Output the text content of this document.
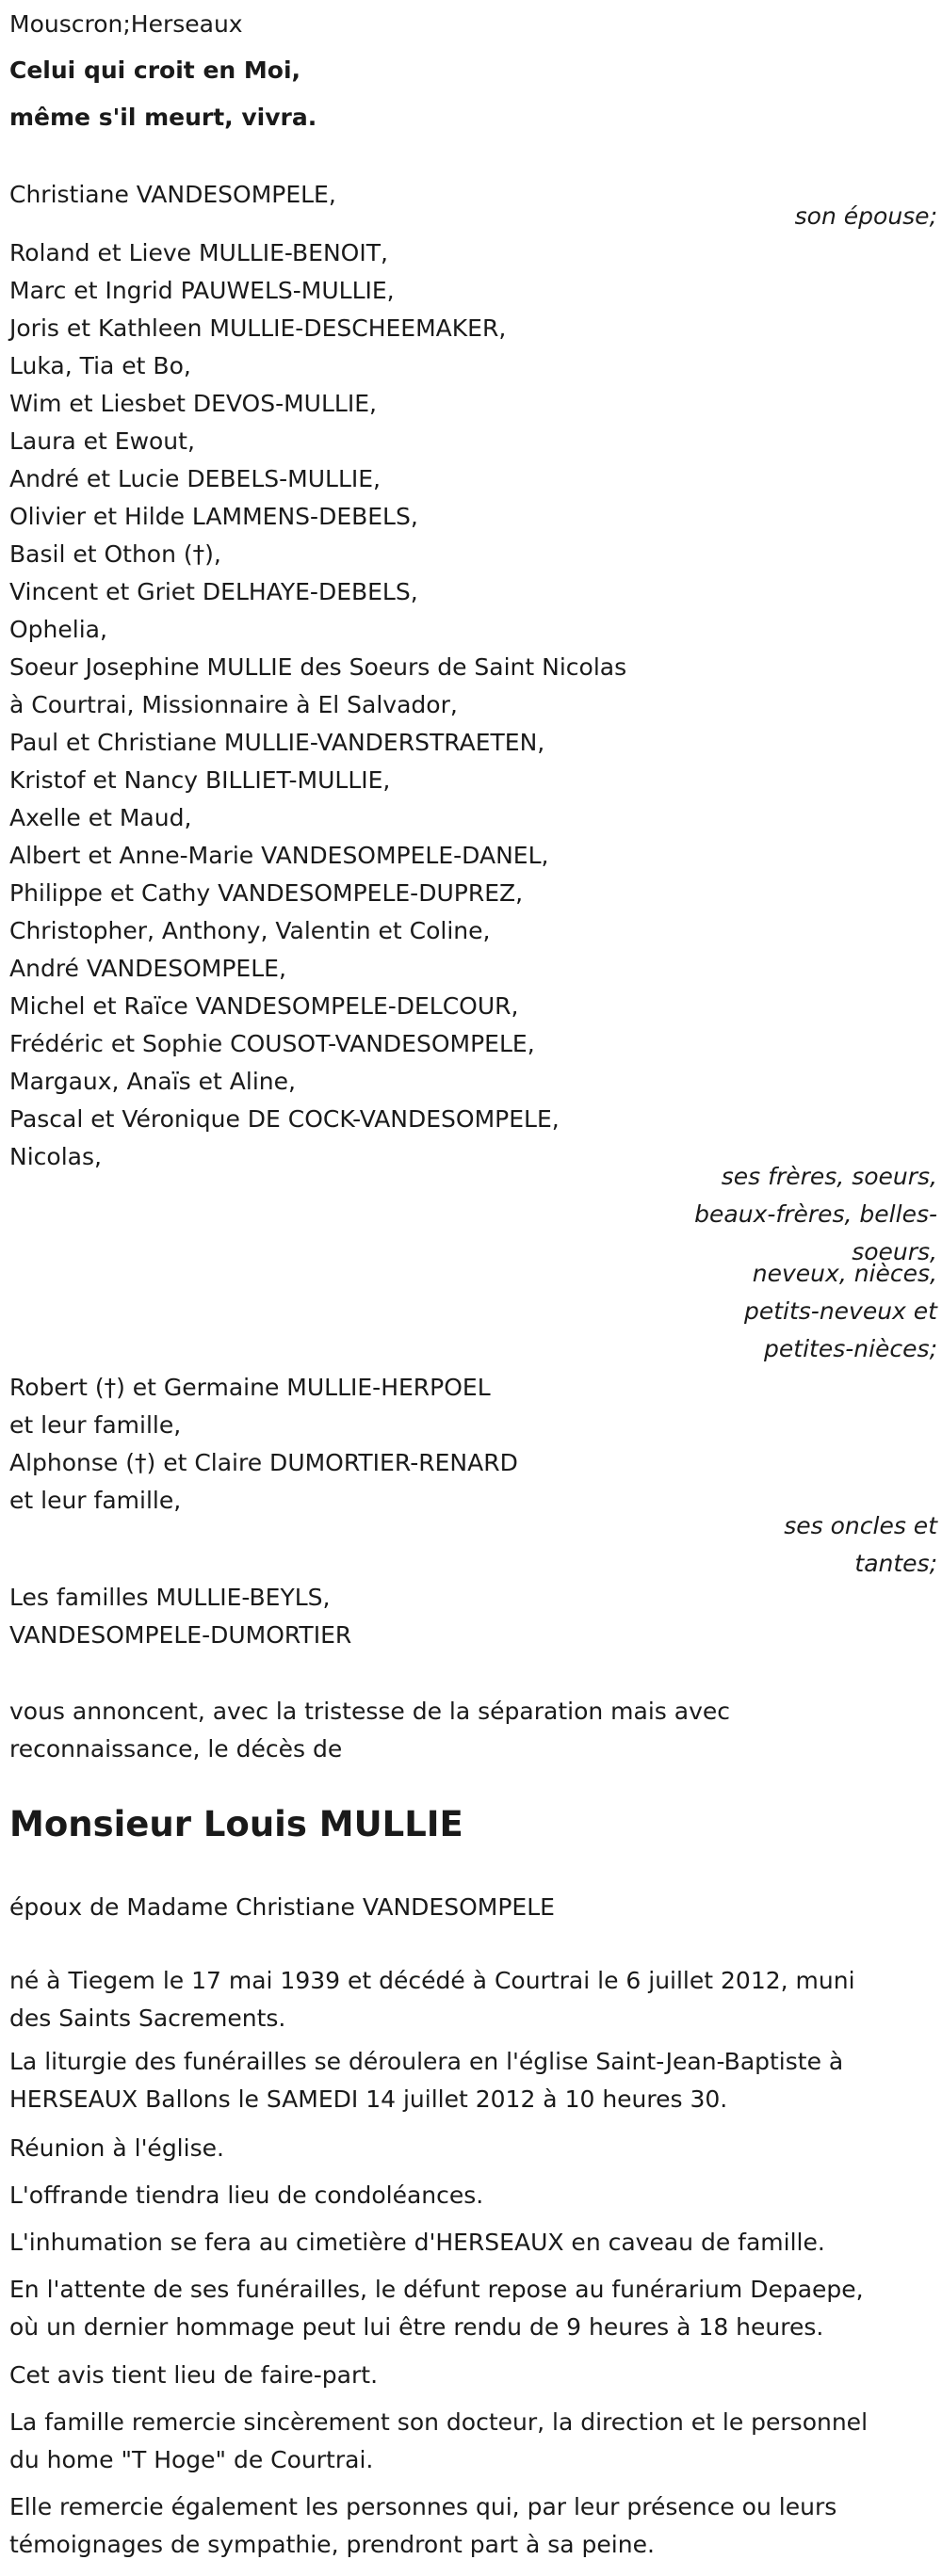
Mouscron;Herseaux
Celui qui croit en Moi,
même s'il meurt, vivra.
Christiane VANDESOMPELE,
son épouse;
Roland et Lieve MULLIE-BENOIT,
Marc et Ingrid PAUWELS-MULLIE,
Joris et Kathleen MULLIE-DESCHEEMAKER,
Luka, Tia et Bo,
Wim et Liesbet DEVOS-MULLIE,
Laura et Ewout,
André et Lucie DEBELS-MULLIE,
Olivier et Hilde LAMMENS-DEBELS,
Basil et Othon (†),
Vincent et Griet DELHAYE-DEBELS,
Ophelia,
Soeur Josephine MULLIE des Soeurs de Saint Nicolas
à Courtrai, Missionnaire à El Salvador,
Paul et Christiane MULLIE-VANDERSTRAETEN,
Kristof et Nancy BILLIET-MULLIE,
Axelle et Maud,
Albert et Anne-Marie VANDESOMPELE-DANEL,
Philippe et Cathy VANDESOMPELE-DUPREZ,
Christopher, Anthony, Valentin et Coline,
André VANDESOMPELE,
Michel et Raïce VANDESOMPELE-DELCOUR,
Frédéric et Sophie COUSOT-VANDESOMPELE,
Margaux, Anaïs et Aline,
Pascal et Véronique DE COCK-VANDESOMPELE,
Nicolas,
ses frères, soeurs,
beaux-frères, belles-
soeurs,
neveux, nièces,
petits-neveux et
petites-nièces;
Robert (†) et Germaine MULLIE-HERPOEL
et leur famille,
Alphonse (†) et Claire DUMORTIER-RENARD
et leur famille,
ses oncles et
tantes;
Les familles MULLIE-BEYLS,
VANDESOMPELE-DUMORTIER
vous annoncent, avec la tristesse de la séparation mais avec
reconnaissance, le décès de
Monsieur Louis MULLIE
époux de Madame Christiane VANDESOMPELE
né à Tiegem le 17 mai 1939 et décédé à Courtrai le 6 juillet 2012, muni
des Saints Sacrements.
La liturgie des funérailles se déroulera en l'église Saint-Jean-Baptiste à
HERSEAUX Ballons le SAMEDI 14 juillet 2012 à 10 heures 30.
Réunion à l'église.
L'offrande tiendra lieu de condoléances.
L'inhumation se fera au cimetière d'HERSEAUX en caveau de famille.
En l'attente de ses funérailles, le défunt repose au funérarium Depaepe,
où un dernier hommage peut lui être rendu de 9 heures à 18 heures.
Cet avis tient lieu de faire-part.
La famille remercie sincèrement son docteur, la direction et le personnel
du home "T Hoge" de Courtrai.
Elle remercie également les personnes qui, par leur présence ou leurs
témoignages de sympathie, prendront part à sa peine.
